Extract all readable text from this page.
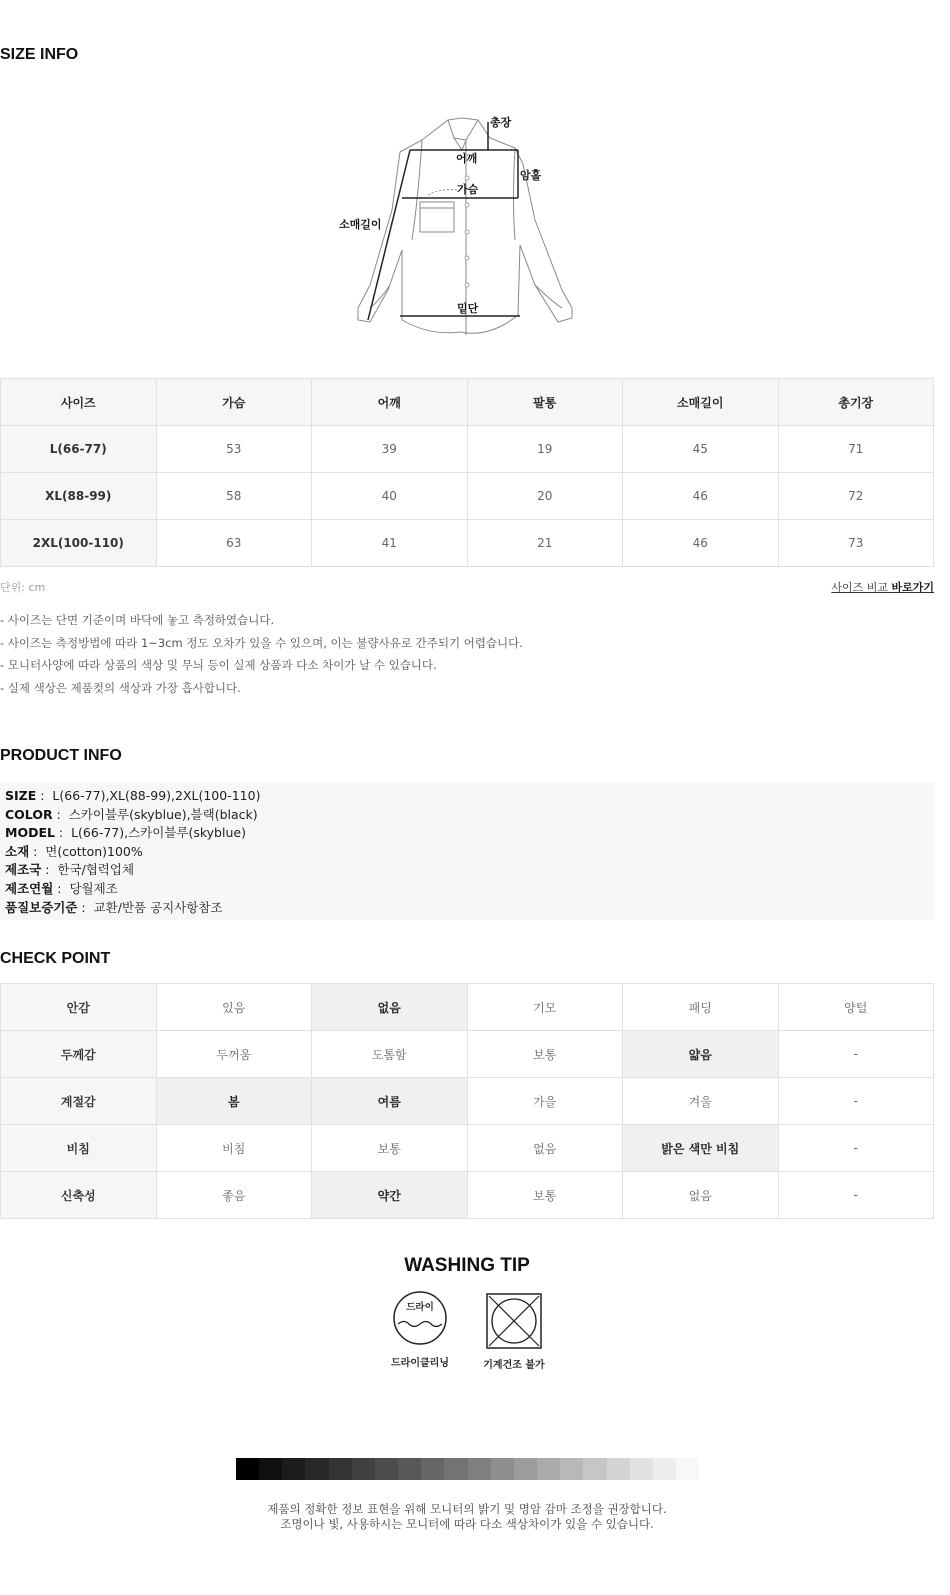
SIZE INFO
총장
어깨
암홀
가슴
소매길이
밑단
사이즈	가슴	어깨	팔통	소매길이	총기장
L(66-77)	53	39	19	45	71
XL(88-99)	58	40	20	46	72
2XL(100-110)	63	41	21	46	73
단위: cm	사이즈 비교 바로가기
- 사이즈는 단면 기준이며 바닥에 놓고 측정하였습니다.
- 사이즈는 측정방법에 따라 1~3cm 정도 오차가 있을 수 있으며, 이는 불량사유로 간주되기 어렵습니다.
- 모니터사양에 따라 상품의 색상 및 무늬 등이 실제 상품과 다소 차이가 날 수 있습니다.
- 실제 색상은 제품컷의 색상과 가장 흡사합니다.
PRODUCT INFO
SIZE :  L(66-77),XL(88-99),2XL(100-110)
COLOR :  스카이블루(skyblue),블랙(black)
MODEL :  L(66-77),스카이블루(skyblue)
소재 :  면(cotton)100%
제조국 :  한국/협력업체
제조연월 :  당월제조
품질보증기준 :  교환/반품 공지사항참조
CHECK POINT
안감	있음	없음	기모	패딩	양털
두께감	두꺼움	도톰함	보통	얇음	-
계절감	봄	여름	가을	겨울	-
비침	비침	보통	없음	밝은 색만 비침	-
신축성	좋음	약간	보통	없음	-
WASHING TIP
드라이
드라이클리닝	기계건조 불가
제품의 정확한 정보 표현을 위해 모니터의 밝기 및 명암 감마 조정을 권장합니다.
조명이나 빛, 사용하시는 모니터에 따라 다소 색상차이가 있을 수 있습니다.
